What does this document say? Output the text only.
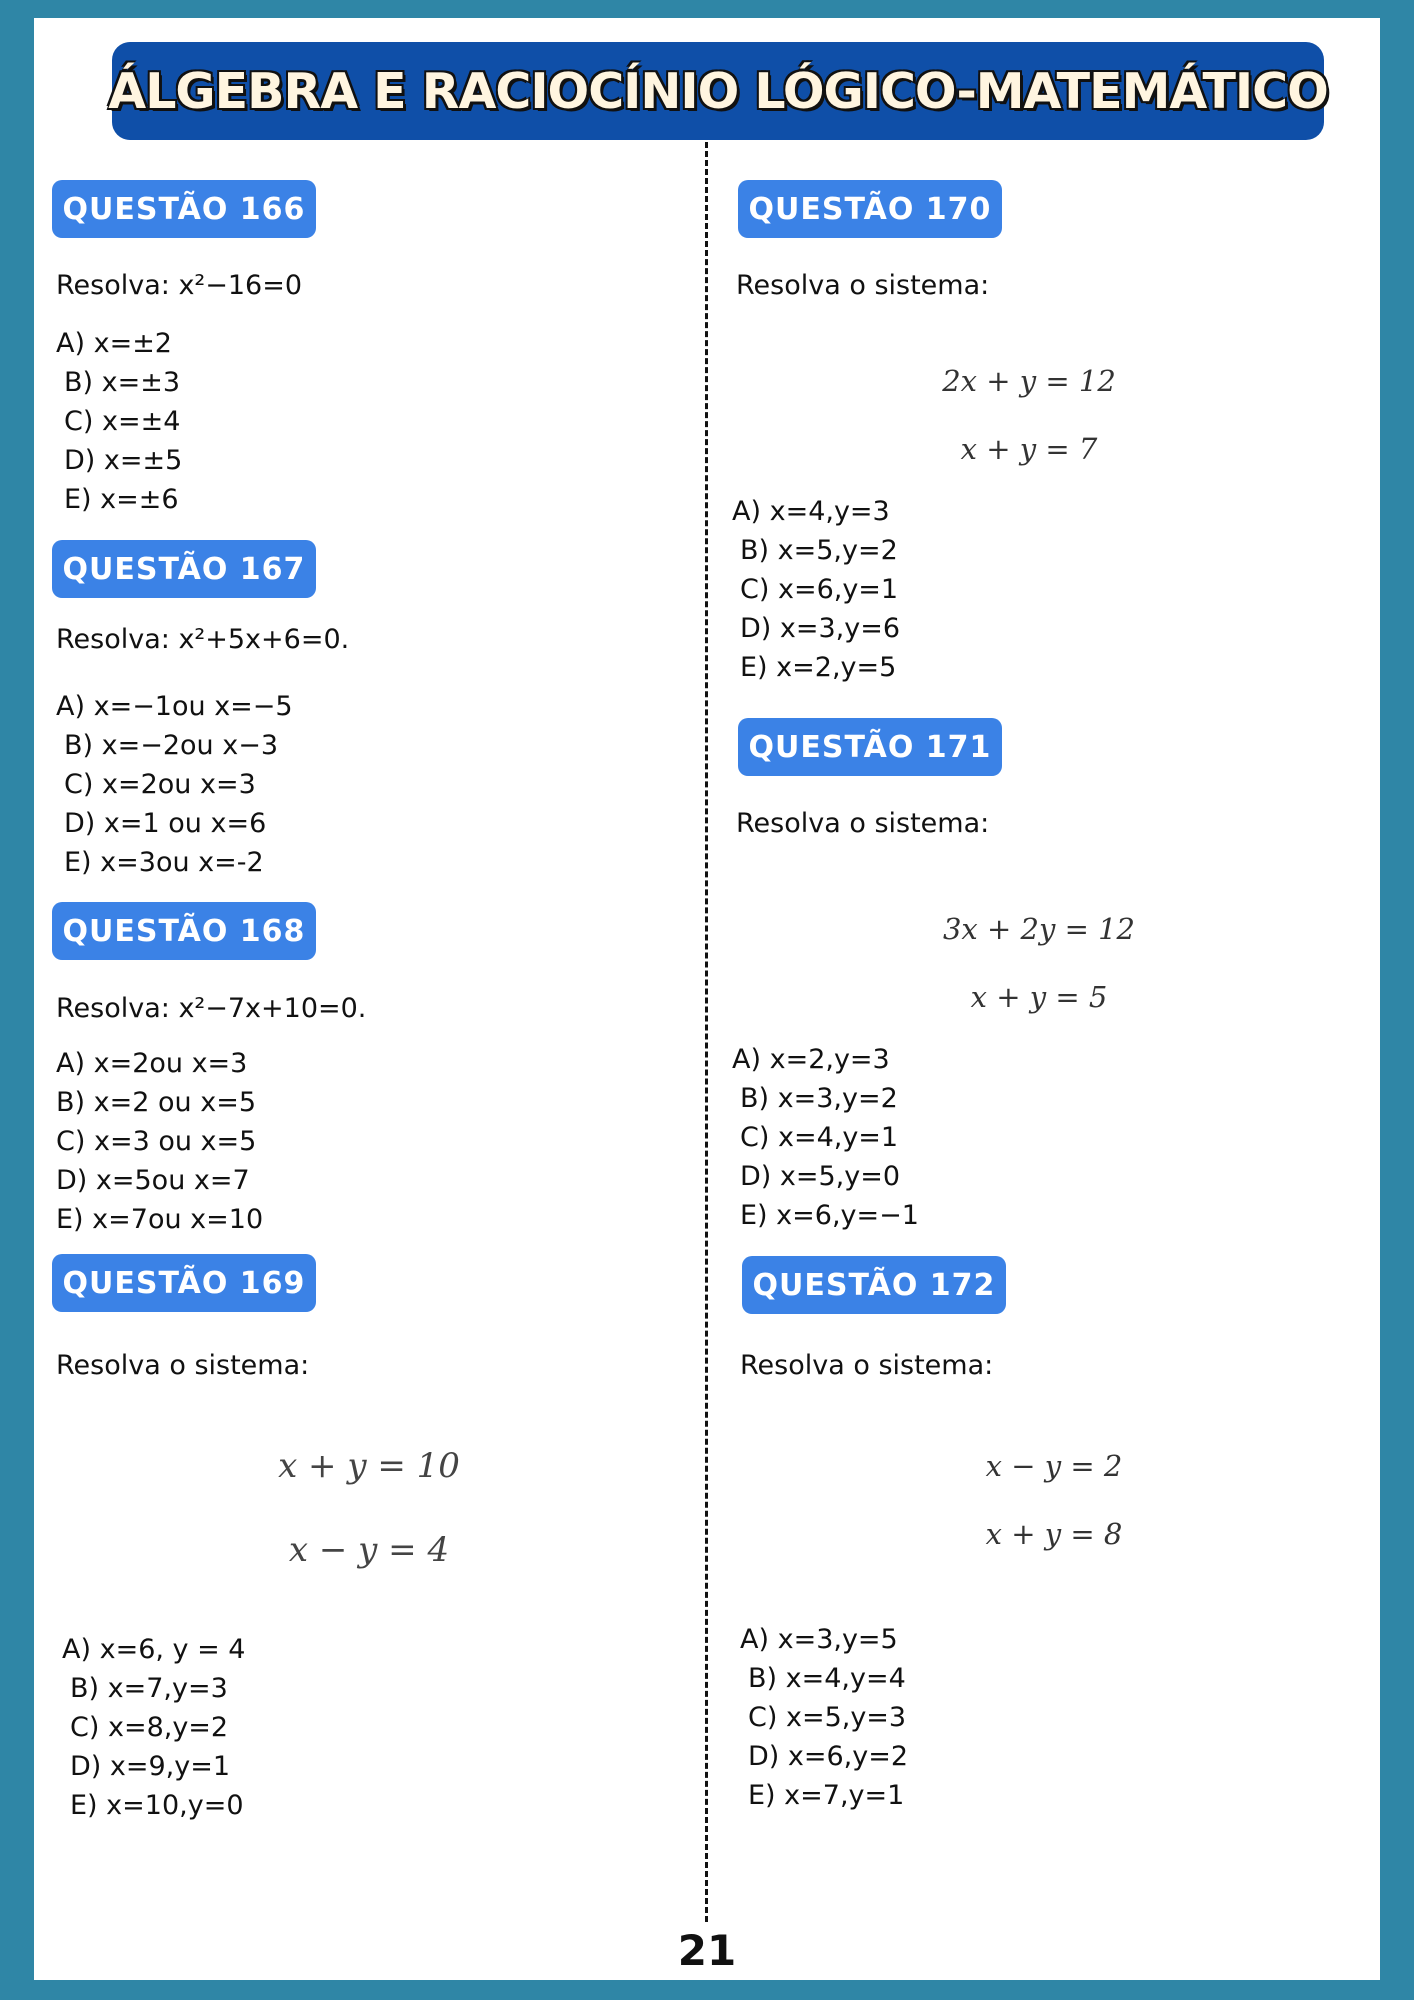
ÁLGEBRA E RACIOCÍNIO LÓGICO-MATEMÁTICO
QUESTÃO 166
Resolva: x²−16=0
A) x=±2
B) x=±3
C) x=±4
D) x=±5
E) x=±6
QUESTÃO 167
Resolva: x²+5x+6=0.
A) x=−1ou x=−5
B) x=−2ou x−3
C) x=2ou x=3
D) x=1 ou x=6
E) x=3ou x=-2
QUESTÃO 168
Resolva: x²−7x+10=0.
A) x=2ou x=3
B) x=2 ou x=5
C) x=3 ou x=5
D) x=5ou x=7
E) x=7ou x=10
QUESTÃO 169
Resolva o sistema:
x + y = 10
x − y = 4
A) x=6, y = 4
B) x=7,y=3
C) x=8,y=2
D) x=9,y=1
E) x=10,y=0
QUESTÃO 170
Resolva o sistema:
2x + y = 12
x + y = 7
A) x=4,y=3
B) x=5,y=2
C) x=6,y=1
D) x=3,y=6
E) x=2,y=5
QUESTÃO 171
Resolva o sistema:
3x + 2y = 12
x + y = 5
A) x=2,y=3
B) x=3,y=2
C) x=4,y=1
D) x=5,y=0
E) x=6,y=−1
QUESTÃO 172
Resolva o sistema:
x − y = 2
x + y = 8
A) x=3,y=5
B) x=4,y=4
C) x=5,y=3
D) x=6,y=2
E) x=7,y=1
21
